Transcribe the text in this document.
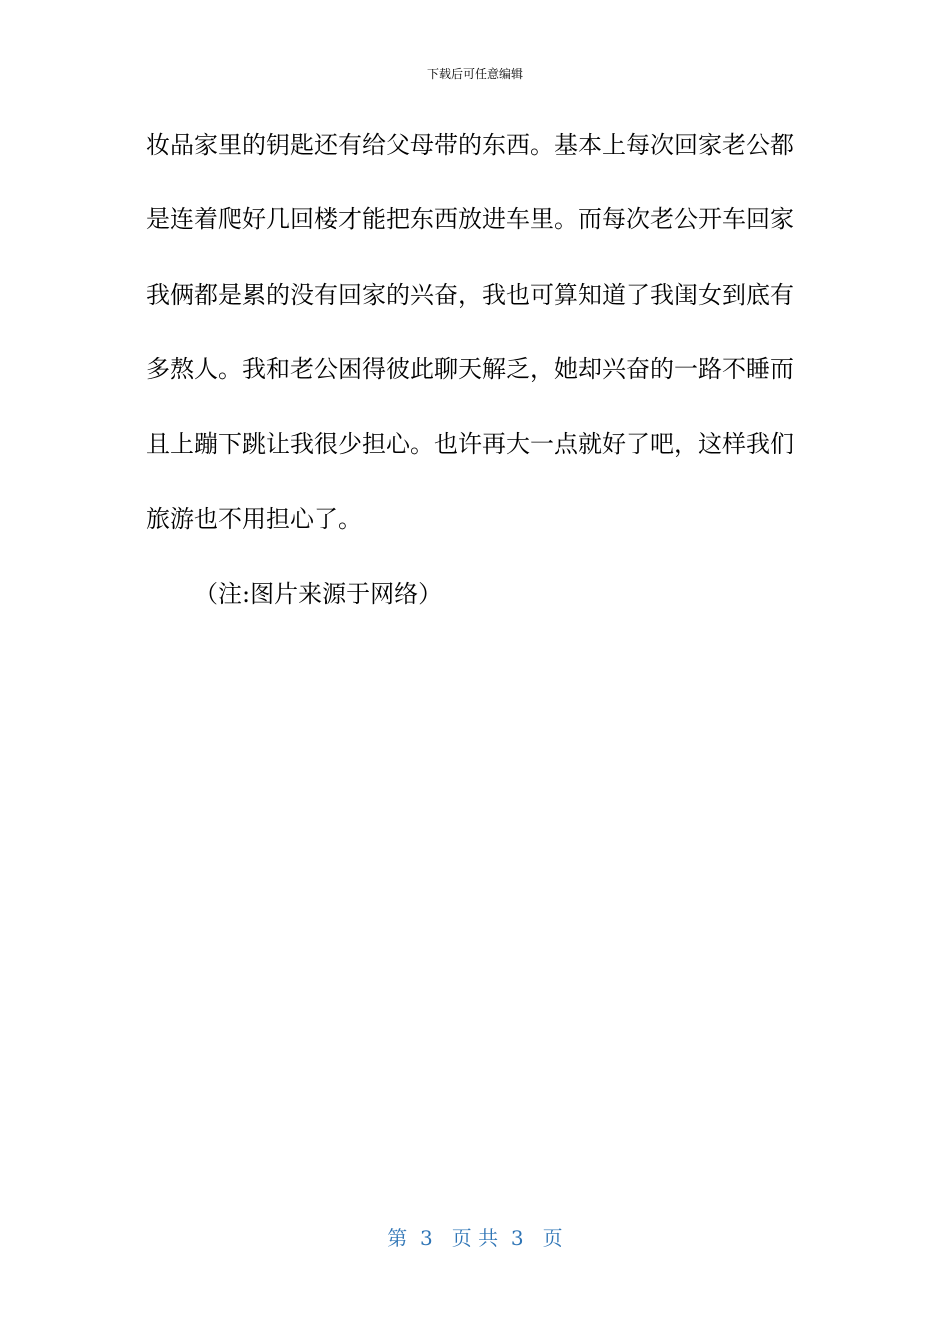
下载后可任意编辑
妆品家里的钥匙还有给父母带的东西。基本上每次回家老公都
是连着爬好几回楼才能把东西放进车里。而每次老公开车回家
我俩都是累的没有回家的兴奋，我也可算知道了我闺女到底有
多熬人。我和老公困得彼此聊天解乏，她却兴奋的一路不睡而
且上蹦下跳让我很少担心。也许再大一点就好了吧，这样我们
旅游也不用担心了。
（注:图片来源于网络）
第  3   页 共  3   页
